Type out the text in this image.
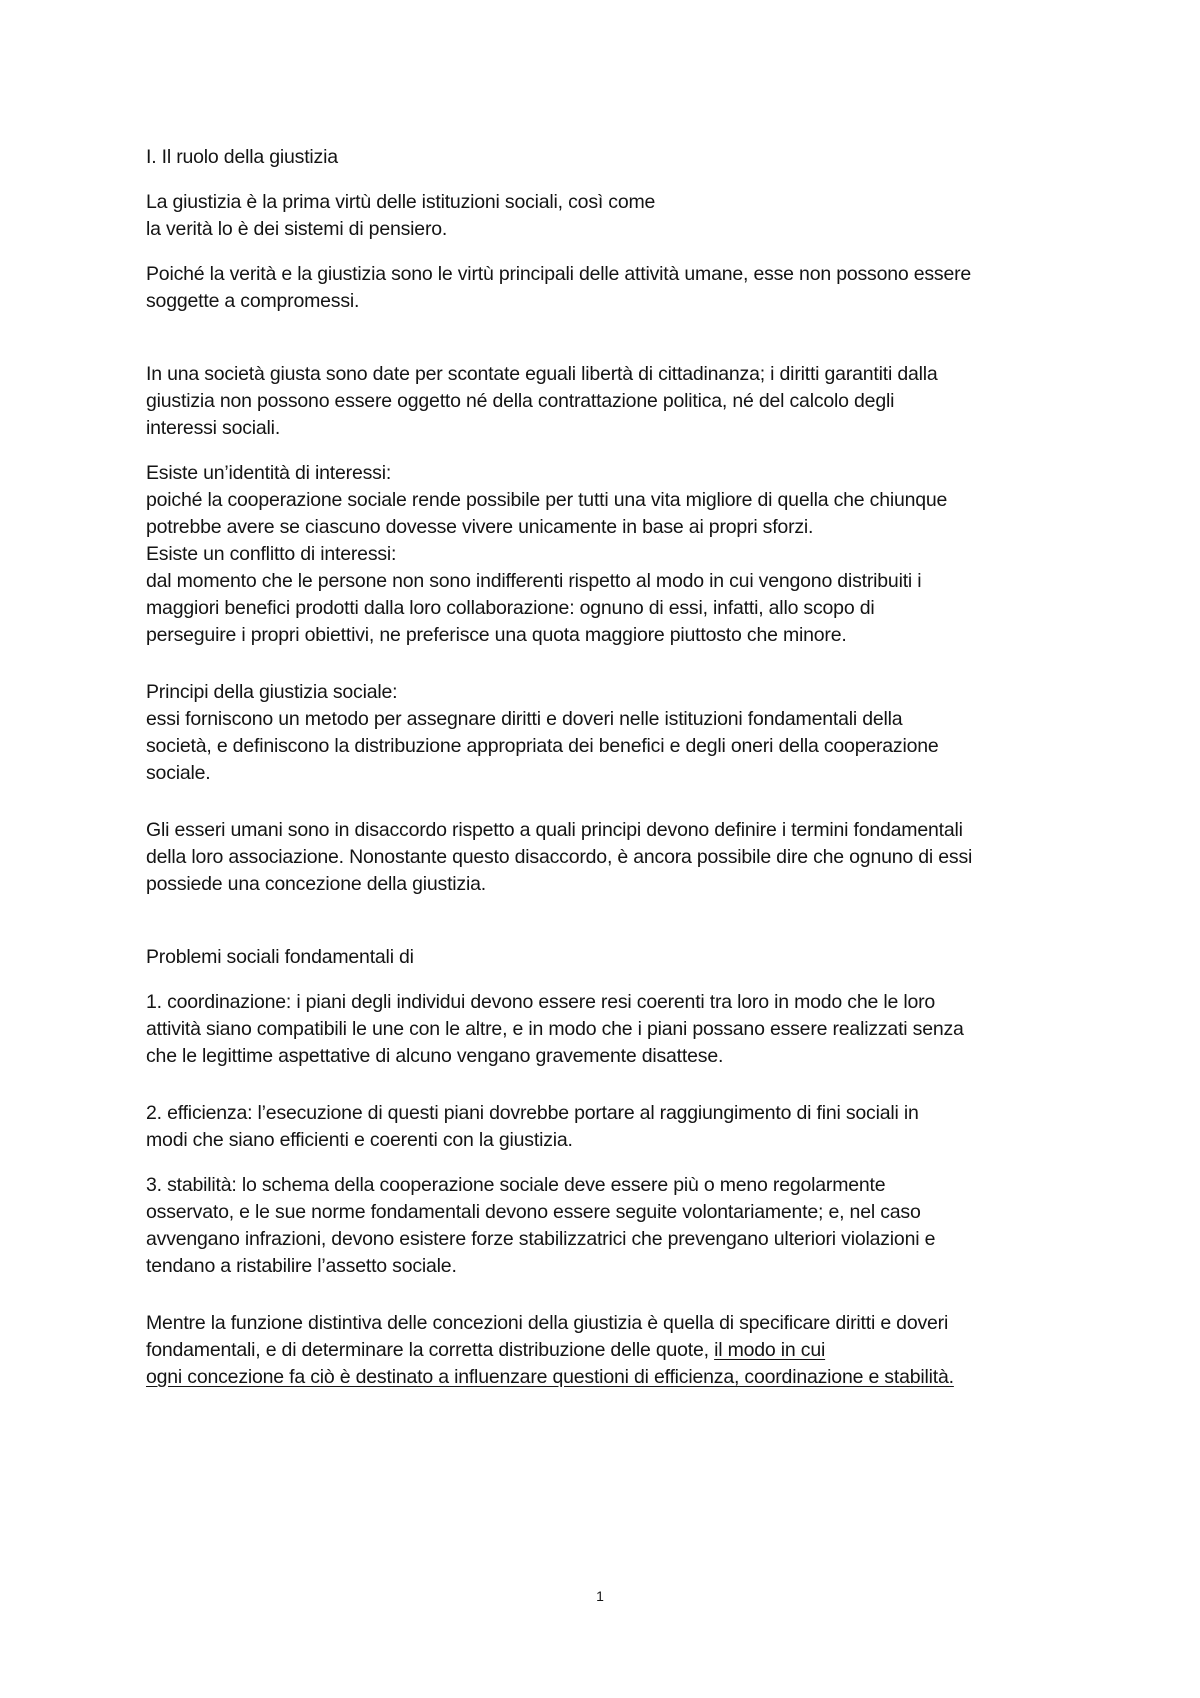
I. Il ruolo della giustizia
La giustizia è la prima virtù delle istituzioni sociali, così come
la verità lo è dei sistemi di pensiero.
Poiché la verità e la giustizia sono le virtù principali delle attività umane, esse non possono essere
soggette a compromessi.
In una società giusta sono date per scontate eguali libertà di cittadinanza; i diritti garantiti dalla
giustizia non possono essere oggetto né della contrattazione politica, né del calcolo degli
interessi sociali.
Esiste un’identità di interessi:
poiché la cooperazione sociale rende possibile per tutti una vita migliore di quella che chiunque
potrebbe avere se ciascuno dovesse vivere unicamente in base ai propri sforzi.
Esiste un conflitto di interessi:
dal momento che le persone non sono indifferenti rispetto al modo in cui vengono distribuiti i
maggiori benefici prodotti dalla loro collaborazione: ognuno di essi, infatti, allo scopo di
perseguire i propri obiettivi, ne preferisce una quota maggiore piuttosto che minore.
Principi della giustizia sociale:
essi forniscono un metodo per assegnare diritti e doveri nelle istituzioni fondamentali della
società, e definiscono la distribuzione appropriata dei benefici e degli oneri della cooperazione
sociale.
Gli esseri umani sono in disaccordo rispetto a quali principi devono definire i termini fondamentali
della loro associazione. Nonostante questo disaccordo, è ancora possibile dire che ognuno di essi
possiede una concezione della giustizia.
Problemi sociali fondamentali di
1. coordinazione: i piani degli individui devono essere resi coerenti tra loro in modo che le loro
attività siano compatibili le une con le altre, e in modo che i piani possano essere realizzati senza
che le legittime aspettative di alcuno vengano gravemente disattese.
2. efficienza: l’esecuzione di questi piani dovrebbe portare al raggiungimento di fini sociali in
modi che siano efficienti e coerenti con la giustizia.
3. stabilità: lo schema della cooperazione sociale deve essere più o meno regolarmente
osservato, e le sue norme fondamentali devono essere seguite volontariamente; e, nel caso
avvengano infrazioni, devono esistere forze stabilizzatrici che prevengano ulteriori violazioni e
tendano a ristabilire l’assetto sociale.
Mentre la funzione distintiva delle concezioni della giustizia è quella di specificare diritti e doveri
fondamentali, e di determinare la corretta distribuzione delle quote, il modo in cui
ogni concezione fa ciò è destinato a influenzare questioni di efficienza, coordinazione e stabilità.
1
